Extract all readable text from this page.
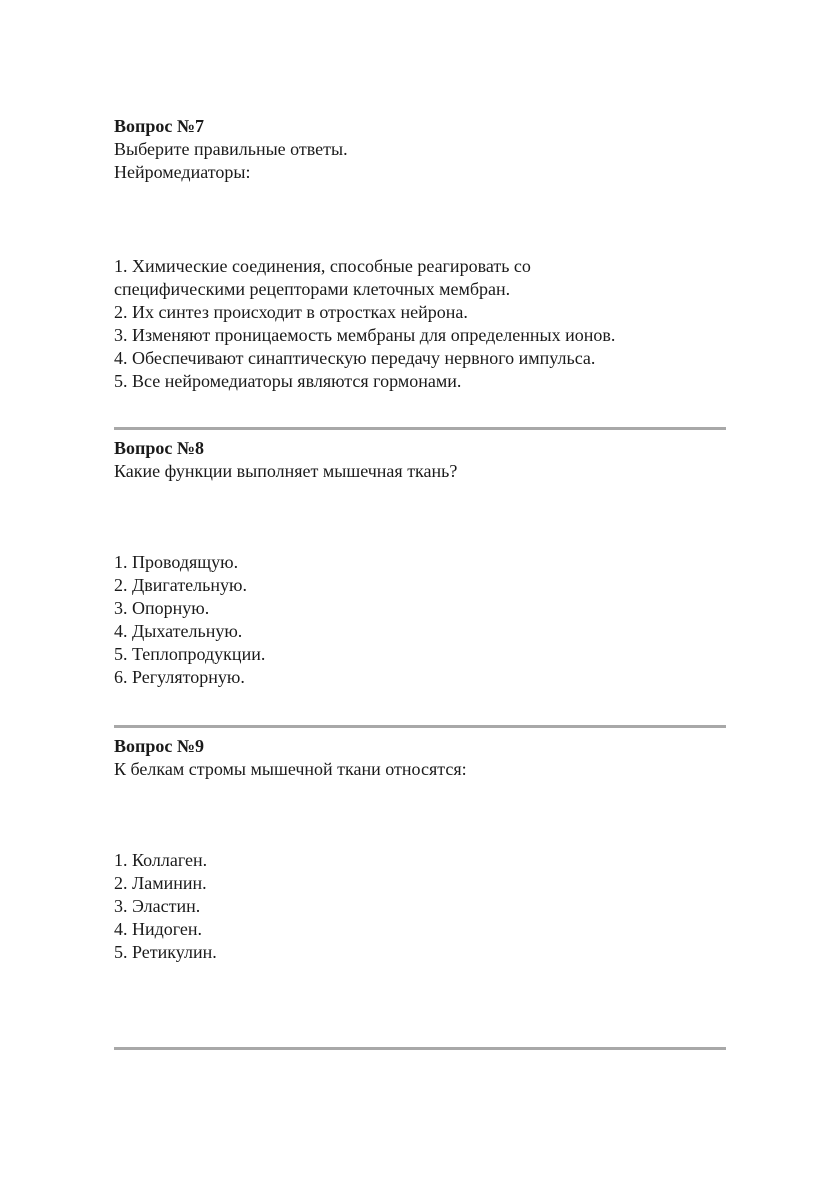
Вопрос №7

Выберите правильные ответы.

Нейромедиаторы:

1. Химические соединения, способные реагировать со
специфическими рецепторами клеточных мембран.
2. Их синтез происходит в отростках нейрона.
3. Изменяют проницаемость мембраны для определенных ионов.
4. Обеспечивают синаптическую передачу нервного импульса.
5. Все нейромедиаторы являются гормонами.
Вопрос №8

Какие функции выполняет мышечная ткань?

1. Проводящую.
2. Двигательную.
3. Опорную.
4. Дыхательную.
5. Теплопродукции.
6. Регуляторную.
Вопрос №9

К белкам стромы мышечной ткани относятся:

1. Коллаген.
2. Ламинин.
3. Эластин.
4. Нидоген.
5. Ретикулин.
